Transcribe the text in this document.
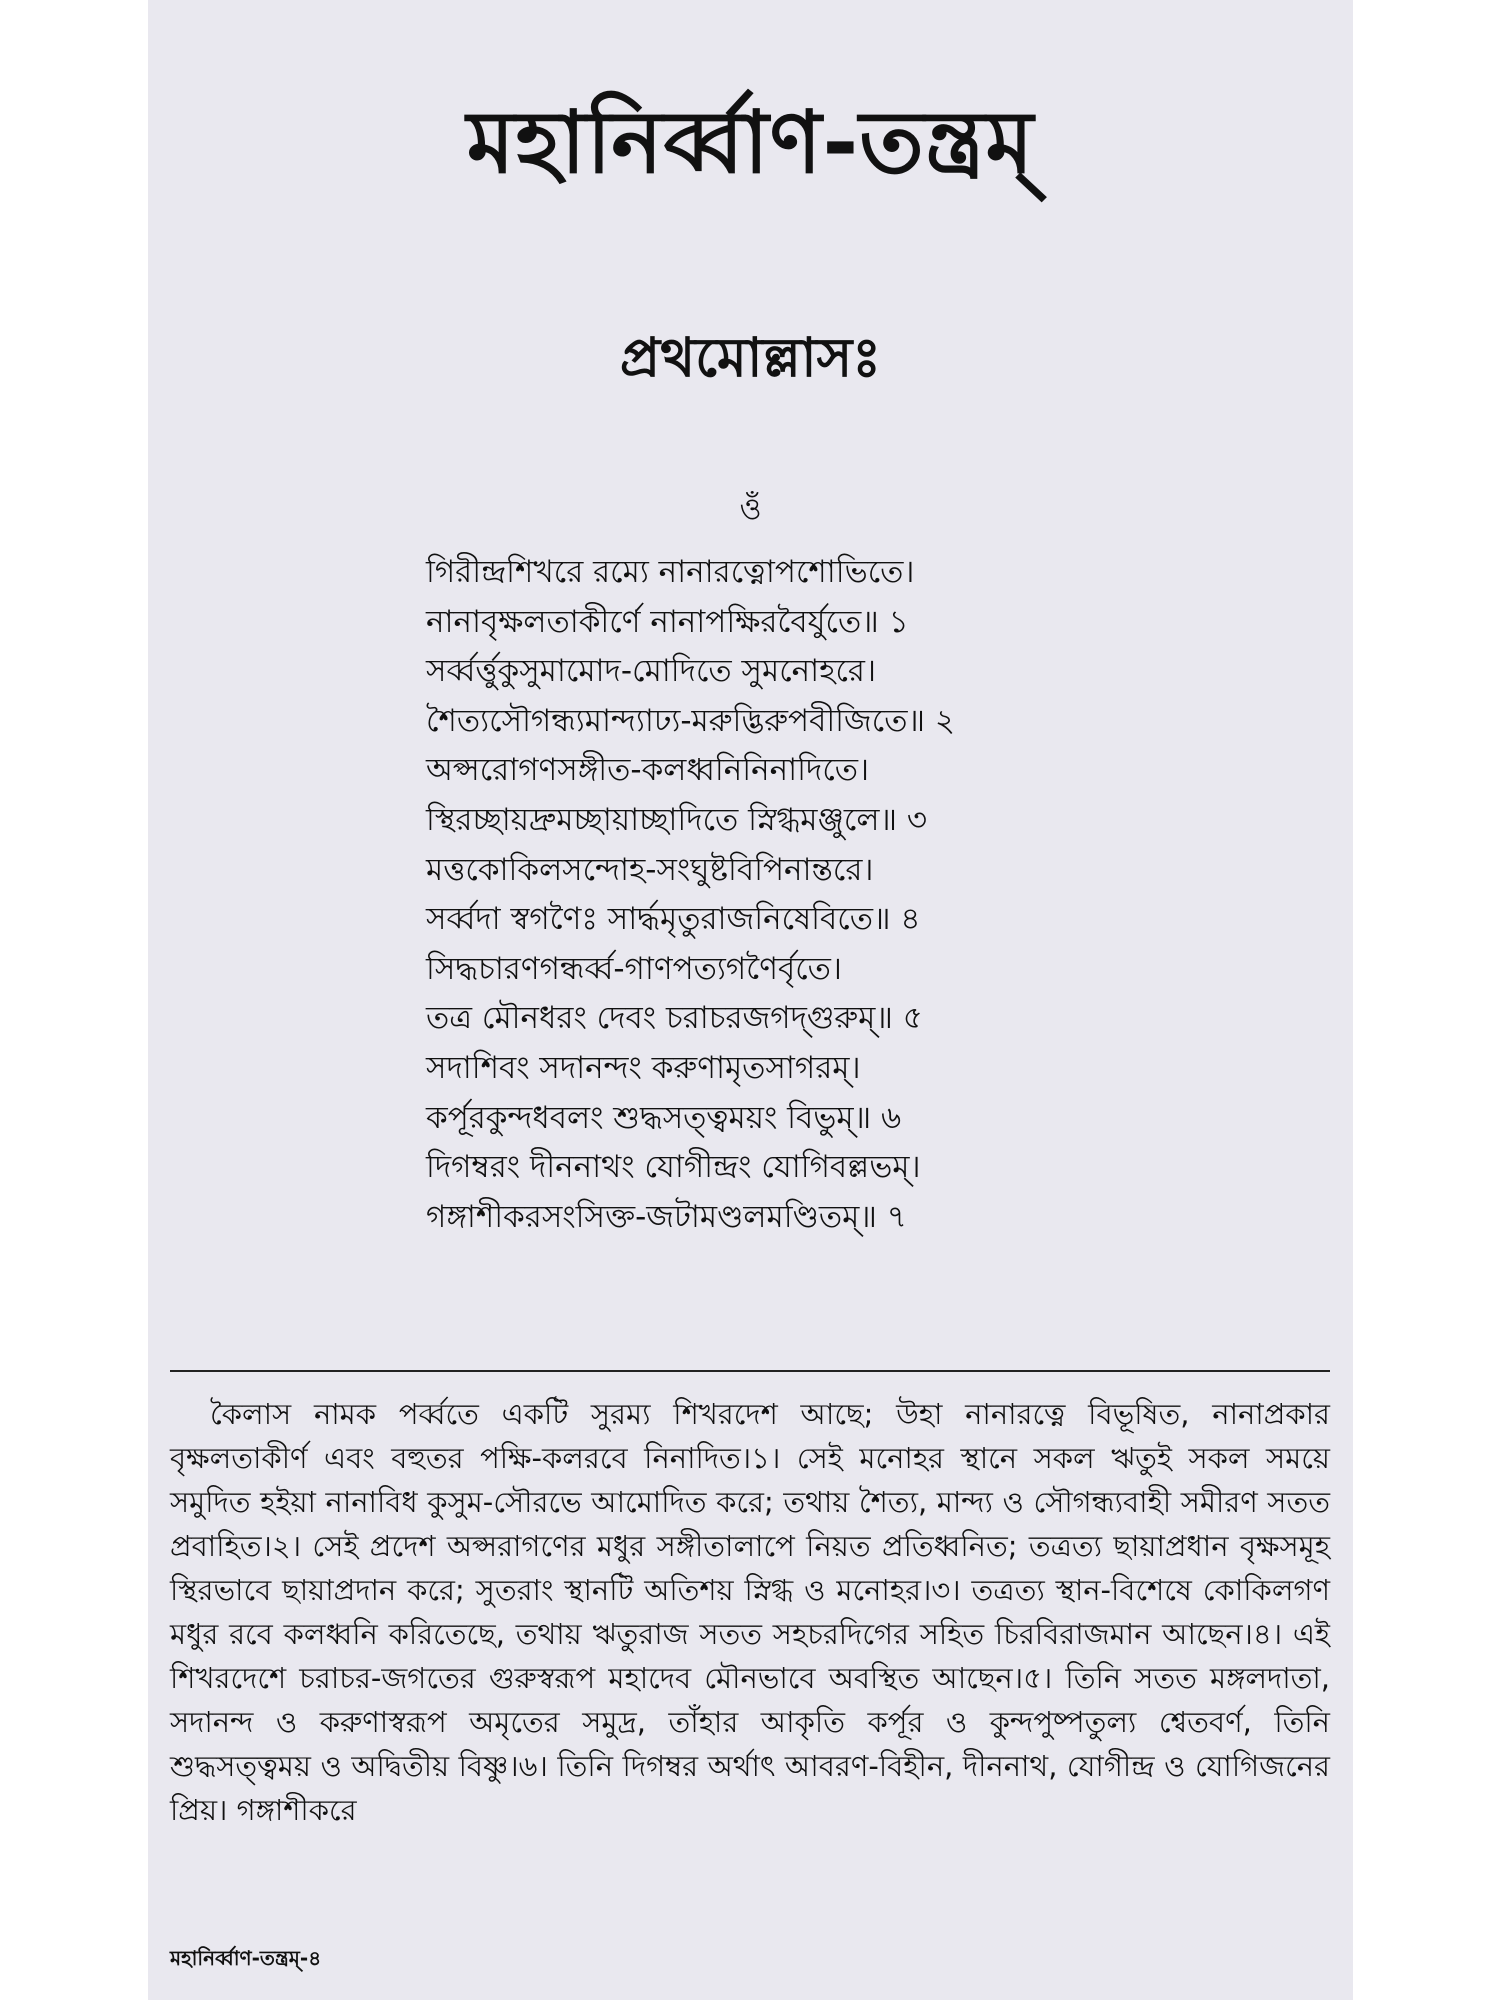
মহানির্ব্বাণ-তন্ত্রম্
প্রথমোল্লাসঃ
ওঁ
গিরীন্দ্রশিখরে রম্যে নানারত্নোপশোভিতে।
নানাবৃক্ষলতাকীর্ণে নানাপক্ষিরবৈর্যুতে॥ ১
সর্ব্বর্ত্তুকুসুমামোদ-মোদিতে সুমনোহরে।
শৈত্যসৌগন্ধ্যমান্দ্যাঢ্য-মরুদ্ভিরুপবীজিতে॥ ২
অপ্সরোগণসঙ্গীত-কলধ্বনিনিনাদিতে।
স্থিরচ্ছায়দ্রুমচ্ছায়াচ্ছাদিতে স্নিগ্ধমঞ্জুলে॥ ৩
মত্তকোকিলসন্দোহ-সংঘুষ্টবিপিনান্তরে।
সর্ব্বদা স্বগণৈঃ সার্দ্ধমৃতুরাজনিষেবিতে॥ ৪
সিদ্ধচারণগন্ধর্ব্ব-গাণপত্যগণৈর্বৃতে।
তত্র মৌনধরং দেবং চরাচরজগদ্গুরুম্॥ ৫
সদাশিবং সদানন্দং করুণামৃতসাগরম্।
কর্পূরকুন্দধবলং শুদ্ধসত্ত্বময়ং বিভুম্॥ ৬
দিগম্বরং দীননাথং যোগীন্দ্রং যোগিবল্লভম্।
গঙ্গাশীকরসংসিক্ত-জটামণ্ডলমণ্ডিতম্॥ ৭

কৈলাস নামক পর্ব্বতে একটি সুরম্য শিখরদেশ আছে; উহা নানারত্নে বিভূষিত, নানাপ্রকার বৃক্ষলতাকীর্ণ এবং বহুতর পক্ষি-কলরবে নিনাদিত।১। সেই মনোহর স্থানে সকল ঋতুই সকল সময়ে সমুদিত হইয়া নানাবিধ কুসুম-সৌরভে আমোদিত করে; তথায় শৈত্য, মান্দ্য ও সৌগন্ধ্যবাহী সমীরণ সতত প্রবাহিত।২। সেই প্রদেশ অপ্সরাগণের মধুর সঙ্গীতালাপে নিয়ত প্রতিধ্বনিত; তত্রত্য ছায়াপ্রধান বৃক্ষসমূহ স্থিরভাবে ছায়াপ্রদান করে; সুতরাং স্থানটি অতিশয় স্নিগ্ধ ও মনোহর।৩। তত্রত্য স্থান-বিশেষে কোকিলগণ মধুর রবে কলধ্বনি করিতেছে, তথায় ঋতুরাজ সতত সহচরদিগের সহিত চিরবিরাজমান আছেন।৪। এই শিখরদেশে চরাচর-জগতের গুরুস্বরূপ মহাদেব মৌনভাবে অবস্থিত আছেন।৫। তিনি সতত মঙ্গলদাতা, সদানন্দ ও করুণাস্বরূপ অমৃতের সমুদ্র, তাঁহার আকৃতি কর্পূর ও কুন্দপুষ্পতুল্য শ্বেতবর্ণ, তিনি শুদ্ধসত্ত্বময় ও অদ্বিতীয় বিষ্ণু।৬। তিনি দিগম্বর অর্থাৎ আবরণ-বিহীন, দীননাথ, যোগীন্দ্র ও যোগিজনের প্রিয়। গঙ্গাশীকরে

মহানির্ব্বাণ-তন্ত্রম্-৪
